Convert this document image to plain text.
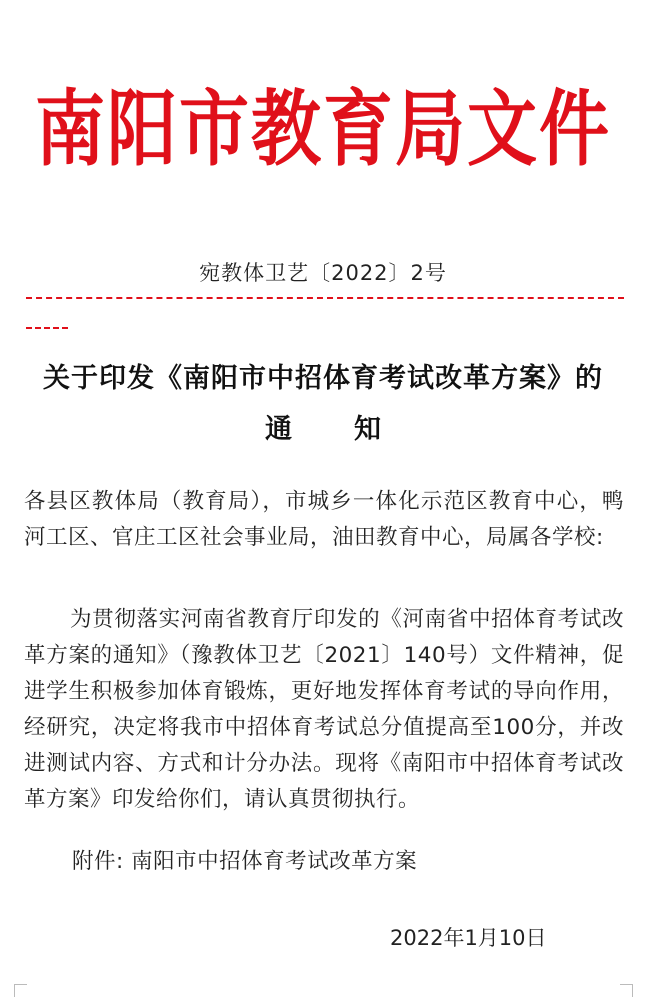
南阳市教育局文件
宛教体卫艺〔2022〕2号
关于印发《南阳市中招体育考试改革方案》的
通知
各县区教体局（教育局），市城乡一体化示范区教育中心，鸭河工区、官庄工区社会事业局，油田教育中心，局属各学校:
为贯彻落实河南省教育厅印发的《河南省中招体育考试改革方案的通知》（豫教体卫艺〔2021〕140号）文件精神，促进学生积极参加体育锻炼，更好地发挥体育考试的导向作用，经研究，决定将我市中招体育考试总分值提高至100分，并改进测试内容、方式和计分办法。现将《南阳市中招体育考试改革方案》印发给你们，请认真贯彻执行。
附件: 南阳市中招体育考试改革方案
2022年1月10日
